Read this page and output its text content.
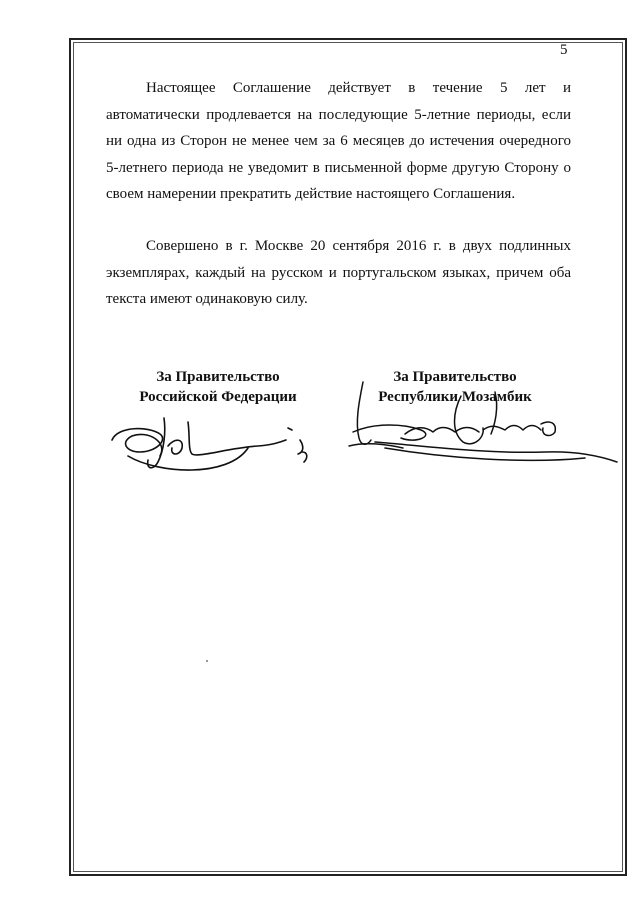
5

Настоящее Соглашение действует в течение 5 лет и автоматически продлевается на последующие 5-летние периоды, если ни одна из Сторон не менее чем за 6 месяцев до истечения очередного 5-летнего периода не уведомит в письменной форме другую Сторону о своем намерении прекратить действие настоящего Соглашения.

Совершено в г. Москве 20 сентября 2016 г. в двух подлинных экземплярах, каждый на русском и португальском языках, причем оба текста имеют одинаковую силу.

За Правительство
Российской Федерации
За Правительство
Республики Мозамбик
